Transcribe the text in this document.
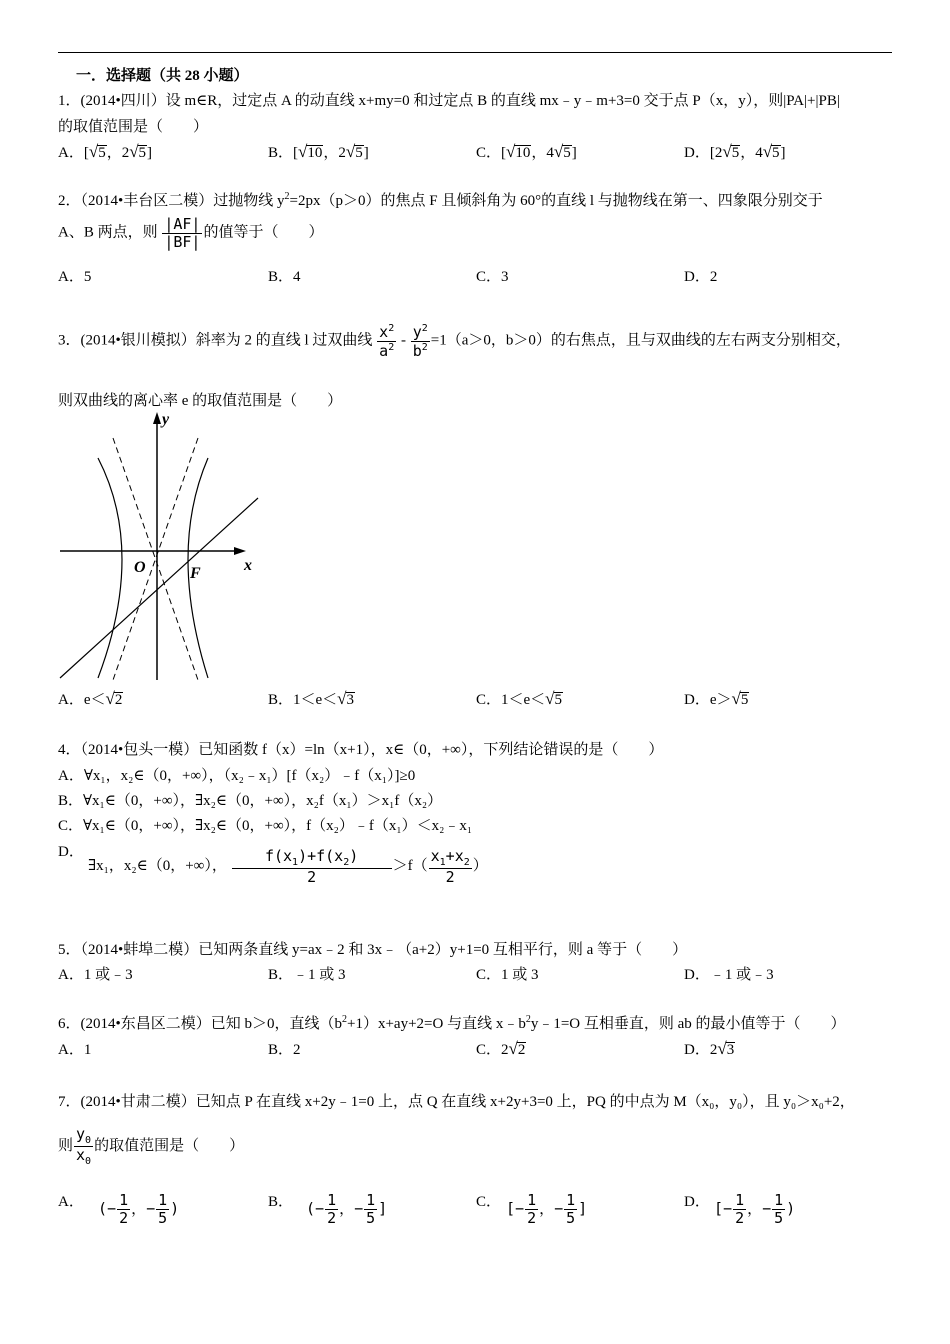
一．选择题（共 28 小题）
1．(2014•四川）设 m∈R，过定点 A 的动直线 x+my=0 和过定点 B 的直线 mx﹣y﹣m+3=0 交于点 P（x，y），则|PA|+|PB|
的取值范围是（　　）
A．[√5，2√5]	B．[√10，2√5]	C．[√10，4√5]	D．[2√5，4√5]
2．（2014•丰台区二模）过抛物线 $y^2=2px(p>0)$的焦点 F 且倾斜角为 60°的直线 l 与抛物线在第一、四象限分别交于
A、B 两点，则 $\frac{|AF|}{|BF|}$ 的值等于（　　）
A．5	B．4	C．3	D．2
3．(2014•银川模拟）斜率为 2 的直线 l 过双曲线 $\frac{x^2}{a^2} - \frac{y^2}{b^2} =1(a>0$，b＞0）的右焦点，且与双曲线的左右两支分别相交，
则双曲线的离心率 e 的取值范围是（　　）
y
x
O	F
A．e＜√2	B．1＜e＜√3	C．1＜e＜√5	D．e＞√5
4．（2014•包头一模）已知函数 f（x）=ln（x+1），x∈（0，+∞），下列结论错误的是（　　）
A．∀x₁，x₂∈（0，+∞），（x₂﹣x₁）[f（x₂）﹣f（x₁）]≥0
B．∀x₁∈（0，+∞），∃x₂∈（0，+∞），x₂f（x₁）＞x₁f（x₂）
C．∀x₁∈（0，+∞），∃x₂∈（0，+∞），f（x₂）﹣f（x₁）＜x₂﹣x₁
D．
∃x₁，x₂∈（0，+∞）， $\frac{f(x_1)+f(x_2)}{2} >f( \frac{x_1+x_2}{2}$ ）
5．（2014•蚌埠二模）已知两条直线 y=ax﹣2 和 3x﹣（a+2）y+1=0 互相平行，则 a 等于（　　）
A．1 或﹣3	B．﹣1 或 3	C．1 或 3	D．﹣1 或﹣3
6．(2014•东昌区二模）已知 b＞0，直线$(b^2+1)x+ay+2=O$ 与直线 $x﹣b^2y﹣1=O$ 互相垂直，则 ab 的最小值等于（　　）
A．1	B．2	C．2√2	D．2√3
7．(2014•甘肃二模）已知点 P 在直线 x+2y﹣1=0 上，点 Q 在直线 x+2y+3=0 上，PQ 的中点为 M（x₀，y₀），且 y₀＞x₀+2，
则 $\frac{y_0}{x_0}$ 的取值范围是（　　）
A． (− $\frac{1}{2}$ ，− $\frac{1}{5}$ )	B． (− $\frac{1}{2}$ ，− $\frac{1}{5}$ ]	C． [− $\frac{1}{2}$ ，− $\frac{1}{5}$ ]	D． [− $\frac{1}{2}$ ，− $\frac{1}{5}$ )
